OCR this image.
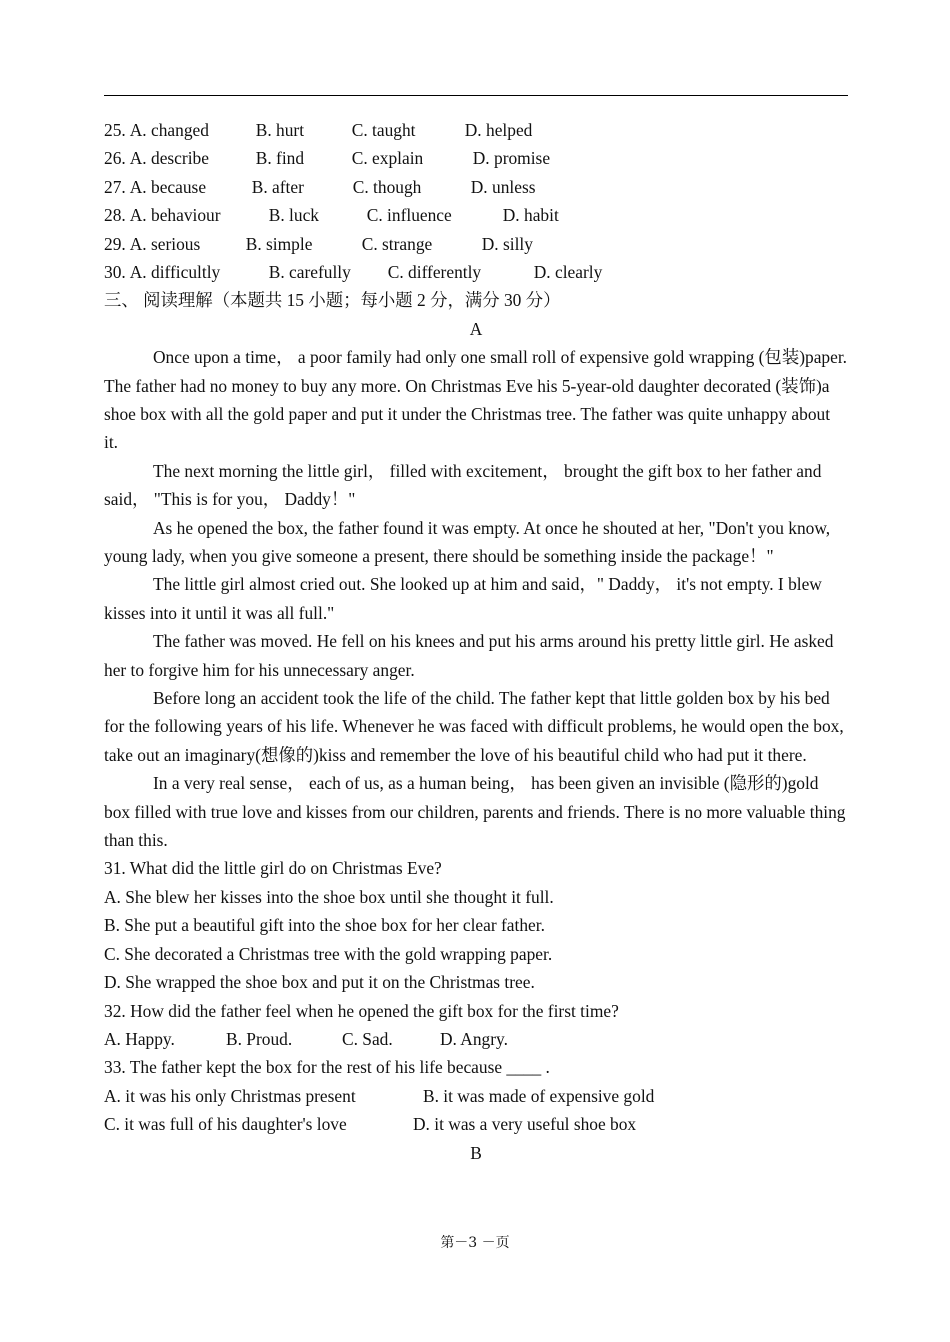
25. A. changed	B. hurt	C. taught	D. helped
26. A. describe	B. find	C. explain	D. promise
27. A. because	B. after	C. though	D. unless
28. A. behaviour	B. luck	C. influence	D. habit
29. A. serious	B. simple	C. strange	D. silly
30. A. difficultly	B. carefully	C. differently	D. clearly
三、 阅读理解（本题共 15 小题；每小题 2 分，满分 30 分）
A

Once upon a time， a poor family had only one small roll of expensive gold wrapping (包装)paper. The father had no money to buy any more. On Christmas Eve his 5-year-old daughter decorated (装饰)a shoe box with all the gold paper and put it under the Christmas tree. The father was quite unhappy about it.

The next morning the little girl， filled with excitement， brought the gift box to her father and said， "This is for you， Daddy！"

As he opened the box, the father found it was empty. At once he shouted at her, "Don't you know, young lady, when you give someone a present, there should be something inside the package！"

The little girl almost cried out. She looked up at him and said，" Daddy， it's not empty. I blew kisses into it until it was all full."

The father was moved. He fell on his knees and put his arms around his pretty little girl. He asked her to forgive him for his unnecessary anger.

Before long an accident took the life of the child. The father kept that little golden box by his bed for the following years of his life. Whenever he was faced with difficult problems, he would open the box, take out an imaginary(想像的)kiss and remember the love of his beautiful child who had put it there.

In a very real sense， each of us, as a human being， has been given an invisible (隐形的)gold box filled with true love and kisses from our children, parents and friends. There is no more valuable thing than this.

31. What did the little girl do on Christmas Eve?
A. She blew her kisses into the shoe box until she thought it full.
B. She put a beautiful gift into the shoe box for her clear father.
C. She decorated a Christmas tree with the gold wrapping paper.
D. She wrapped the shoe box and put it on the Christmas tree.
32. How did the father feel when he opened the gift box for the first time?
A. Happy.	B. Proud.	C. Sad.	D. Angry.
33. The father kept the box for the rest of his life because ____ .
A. it was his only Christmas present	B. it was made of expensive gold
C. it was full of his daughter's love	D. it was a very useful shoe box
B
第－3 －页
